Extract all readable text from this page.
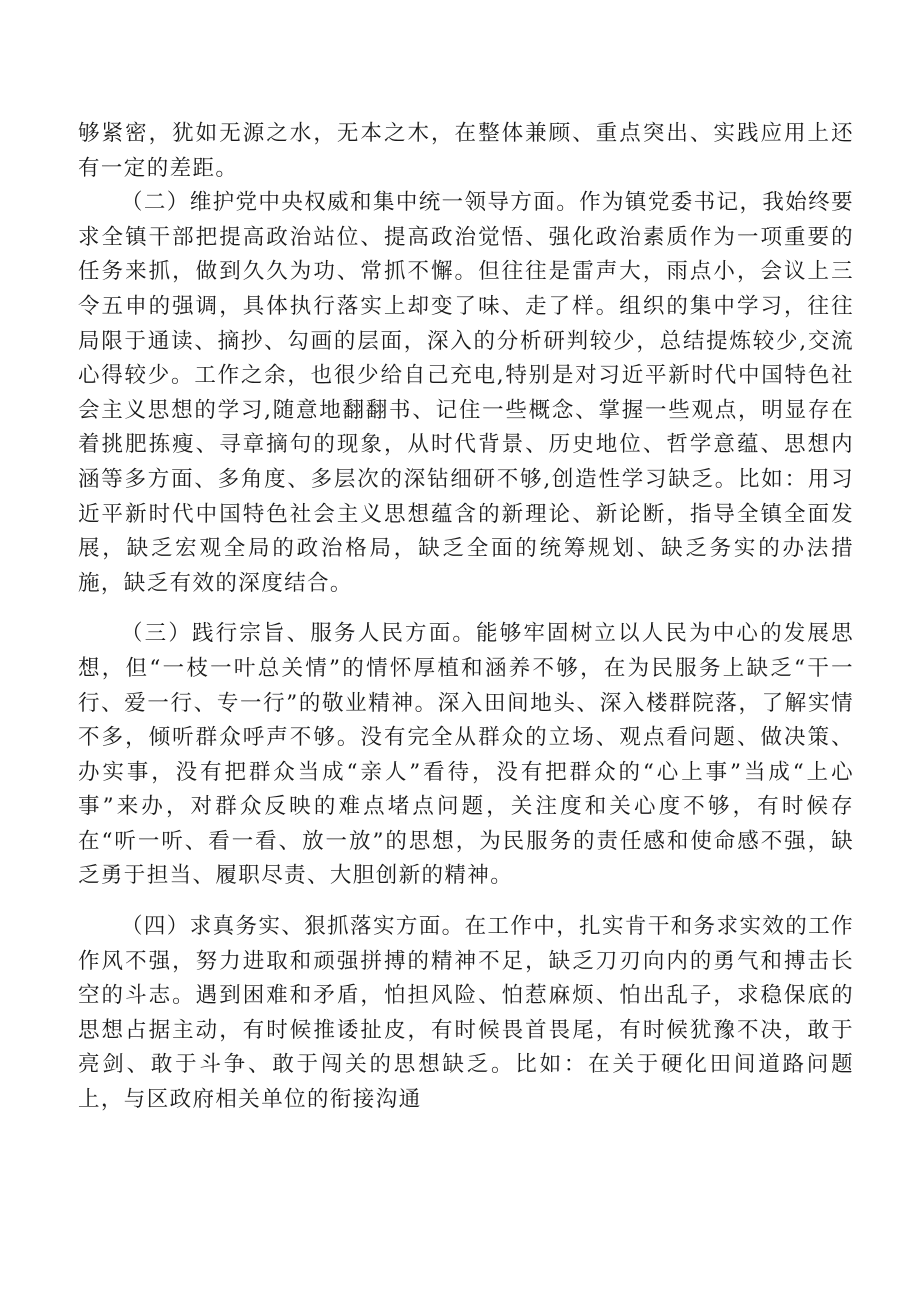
够紧密，犹如无源之水，无本之木，在整体兼顾、重点突出、实践应用上还有一定的差距。

（二）维护党中央权威和集中统一领导方面。作为镇党委书记，我始终要求全镇干部把提高政治站位、提高政治觉悟、强化政治素质作为一项重要的任务来抓，做到久久为功、常抓不懈。但往往是雷声大，雨点小，会议上三令五申的强调，具体执行落实上却变了味、走了样。组织的集中学习，往往局限于通读、摘抄、勾画的层面，深入的分析研判较少，总结提炼较少,交流心得较少。工作之余，也很少给自己充电,特别是对习近平新时代中国特色社会主义思想的学习,随意地翻翻书、记住一些概念、掌握一些观点，明显存在着挑肥拣瘦、寻章摘句的现象，从时代背景、历史地位、哲学意蕴、思想内涵等多方面、多角度、多层次的深钻细研不够,创造性学习缺乏。比如：用习近平新时代中国特色社会主义思想蕴含的新理论、新论断，指导全镇全面发展，缺乏宏观全局的政治格局，缺乏全面的统筹规划、缺乏务实的办法措施，缺乏有效的深度结合。

（三）践行宗旨、服务人民方面。能够牢固树立以人民为中心的发展思想，但“一枝一叶总关情”的情怀厚植和涵养不够，在为民服务上缺乏“干一行、爱一行、专一行”的敬业精神。深入田间地头、深入楼群院落，了解实情不多，倾听群众呼声不够。没有完全从群众的立场、观点看问题、做决策、办实事，没有把群众当成“亲人”看待，没有把群众的“心上事”当成“上心事”来办，对群众反映的难点堵点问题，关注度和关心度不够，有时候存在“听一听、看一看、放一放”的思想，为民服务的责任感和使命感不强，缺乏勇于担当、履职尽责、大胆创新的精神。

（四）求真务实、狠抓落实方面。在工作中，扎实肯干和务求实效的工作作风不强，努力进取和顽强拼搏的精神不足，缺乏刀刃向内的勇气和搏击长空的斗志。遇到困难和矛盾，怕担风险、怕惹麻烦、怕出乱子，求稳保底的思想占据主动，有时候推诿扯皮，有时候畏首畏尾，有时候犹豫不决，敢于亮剑、敢于斗争、敢于闯关的思想缺乏。比如：在关于硬化田间道路问题上，与区政府相关单位的衔接沟通
